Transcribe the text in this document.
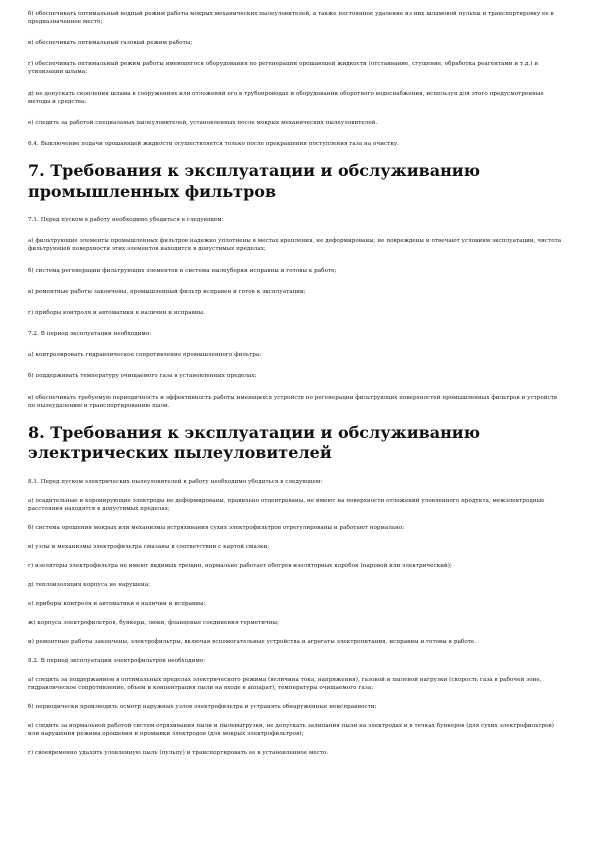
б) обеспечивать оптимальный водный режим работы мокрых механических пылеуловителей, а также постоянное удаление из них шламовой пульпы и транспортировку ее в предназначенное место;

в) обеспечивать оптимальный газовый режим работы;

г) обеспечивать оптимальный режим работы имеющегося оборудования по регенерации орошающей жидкости (отстаивание, сгущение, обработка реагентами и т.д.) и утилизации шлама;

д) не допускать скопления шлама в сооружениях или отложений его в трубопроводах и оборудовании оборотного водоснабжения, используя для этого предусмотренные методы и средства;

е) следить за работой специальных пылеуловителей, установленных после мокрых механических пылеуловителей.

6.4. Выключение подачи орошающей жидкости осуществляется только после прекращения поступления газа на очистку.

7. Требования к эксплуатации и обслуживанию промышленных фильтров

7.1. Перед пуском в работу необходимо убедиться в следующем:

а) фильтрующие элементы промышленных фильтров надежно уплотнены в местах крепления, не деформированы, не повреждены и отвечают условиям эксплуатации, чистота фильтрующей поверхности этих элементов находится в допустимых пределах;

б) система регенерации фильтрующих элементов и система пылеуборки исправны и готовы к работе;

в) ремонтные работы закончены, промышленный фильтр исправен и готов к эксплуатации;

г) приборы контроля и автоматики в наличии и исправны.

7.2. В период эксплуатации необходимо:

а) контролировать гидравлическое сопротивление промышленного фильтра;

б) поддерживать температуру очищаемого газа в установленных пределах;

в) обеспечивать требуемую периодичность и эффективность работы имеющихся устройств по регенерации фильтрующих поверхностей промышленных фильтров и устройств по пылеудалению и транспортированию пыли.

8. Требования к эксплуатации и обслуживанию электрических пылеуловителей

8.1. Перед пуском электрических пылеуловителей в работу необходимо убедиться в следующем:

а) осадительные и коронирующие электроды не деформированы, правильно отцентрованы, не имеют на поверхности отложений уловленного продукта, межэлектродные расстояния находятся в допустимых пределах;

б) система орошения мокрых или механизмы встряхивания сухих электрофильтров отрегулированы и работают нормально;

в) узлы и механизмы электрофильтра смазаны в соответствии с картой смазки;

г) изоляторы электрофильтра не имеют видимых трещин, нормально работает обогрев изоляторных коробок (паровой или электрический);

д) теплоизоляция корпуса не нарушена;

е) приборы контроля и автоматики в наличии и исправны;

ж) корпуса электрофильтров, бункеры, люки, фланцевые соединения герметичны;

и) ремонтные работы закончены, электрофильтры, включая вспомогательные устройства и агрегаты электропитания, исправны и готовы к работе.

8.2. В период эксплуатации электрофильтров необходимо:

а) следить за поддержанием в оптимальных пределах электрического режима (величина тока, напряжения), газовой и пылевой нагрузки (скорость газа в рабочей зоне, гидравлическое сопротивление, объем и концентрация пыли на входе в аппарат), температуры очищаемого газа;

б) периодически производить осмотр наружных узлов электрофильтра и устранять обнаруженные неисправности;

в) следить за нормальной работой систем отряхивания пыли и пылевыгрузки, не допускать залипания пыли на электродах и в течках бункеров (для сухих электрофильтров) или нарушения режима орошения и промывки электродов (для мокрых электрофильтров);

г) своевременно удалять уловленную пыль (пульпу) и транспортировать ее в установленное место.
